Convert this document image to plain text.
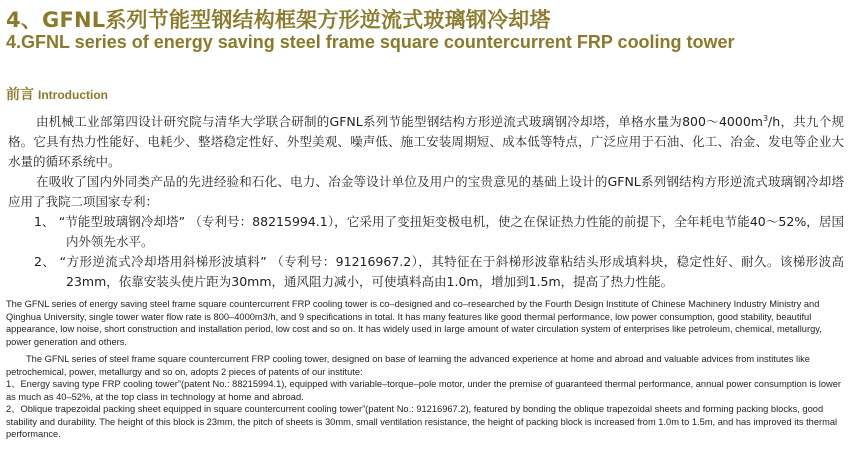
4、GFNL系列节能型钢结构框架方形逆流式玻璃钢冷却塔
4.GFNL series of energy saving steel frame square countercurrent FRP cooling tower
前言 Introduction

由机械工业部第四设计研究院与清华大学联合研制的GFNL系列节能型钢结构方形逆流式玻璃钢冷却塔，单格水量为$800\sim 4000m^3/h$，共九个规格。它具有热力性能好、电耗少、整塔稳定性好、外型美观、噪声低、施工安装周期短、成本低等特点，广泛应用于石油、化工、冶金、发电等企业大水量的循环系统中。

在吸收了国内外同类产品的先进经验和石化、电力、冶金等设计单位及用户的宝贵意见的基础上设计的GFNL系列钢结构方形逆流式玻璃钢冷却塔应用了我院二项国家专利：

1、 “节能型玻璃钢冷却塔” （专利号：88215994.1），它采用了变扭矩变极电机，使之在保证热力性能的前提下，全年耗电节能40～52%，居国内外领先水平。

2、 “方形逆流式冷却塔用斜梯形波填料” （专利号：91216967.2），其特征在于斜梯形波靠粘结头形成填料块，稳定性好、耐久。该梯形波高23mm，依靠安装头使片距为30mm，通风阻力减小，可使填料高由1.0m，增加到1.5m，提高了热力性能。

The GFNL series of energy saving steel frame square countercurrent FRP cooling tower is co–designed and co–researched by the Fourth Design Institute of Chinese Machinery Industry Ministry and Qinghua University, single tower water flow rate is 800–4000m3/h, and 9 specifications in total. It has many features like good thermal performance, low power consumption, good stability, beautiful appearance, low noise, short construction and installation period, low cost and so on. It has widely used in large amount of water circulation system of enterprises like petroleum, chemical, metallurgy, power generation and others.

The GFNL series of steel frame square countercurrent FRP cooling tower, designed on base of learning the advanced experience at home and abroad and valuable advices from institutes like petrochemical, power, metallurgy and so on, adopts 2 pieces of patents of our institute:

1、Energy saving type FRP cooling tower”(patent No.: 88215994.1), equipped with variable–torque–pole motor, under the premise of guaranteed thermal performance, annual power consumption is lower as much as 40–52%, at the top class in technology at home and abroad.

2、Oblique trapezoidal packing sheet equipped in square countercurrent cooling tower”(patent No.: 91216967.2), featured by bonding the oblique trapezoidal sheets and forming packing blocks, good stability and durability. The height of this block is 23mm, the pitch of sheets is 30mm, small ventilation resistance, the height of packing block is increased from 1.0m to 1.5m, and has improved its thermal performance.
